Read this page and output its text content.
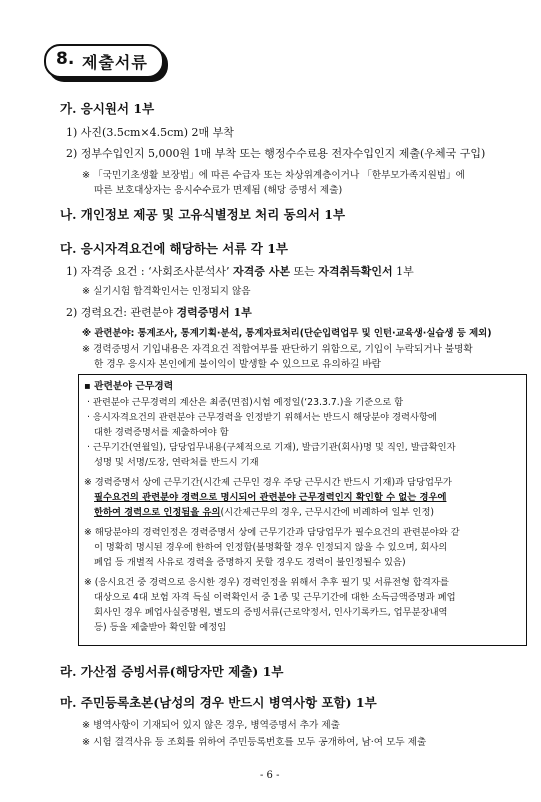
8. 제출서류
가. 응시원서 1부
1) 사진(3.5cm×4.5cm) 2매 부착
2) 정부수입인지 5,000원 1매 부착 또는 행정수수료용 전자수입인지 제출(우체국 구입)
※ 「국민기초생활 보장법」에 따른 수급자 또는 차상위계층이거나 「한부모가족지원법」에
따른 보호대상자는 응시수수료가 면제됨 (해당 증명서 제출)
나. 개인정보 제공 및 고유식별정보 처리 동의서 1부
다. 응시자격요건에 해당하는 서류 각 1부
1) 자격증 요건 : ‘사회조사분석사’ 자격증 사본 또는 자격취득확인서 1부
※ 실기시험 합격확인서는 인정되지 않음
2) 경력요건: 관련분야 경력증명서 1부
※ 관련분야: 통계조사, 통계기획·분석, 통계자료처리(단순입력업무 및 인턴·교육생·실습생 등 제외)
※ 경력증명서 기입내용은 자격요건 적합여부를 판단하기 위함으로, 기입이 누락되거나 불명확
한 경우 응시자 본인에게 불이익이 발생할 수 있으므로 유의하길 바람
▪ 관련분야 근무경력
· 관련분야 근무경력의 계산은 최종(면접)시험 예정일(‘23.3.7.)을 기준으로 함
· 응시자격요건의 관련분야 근무경력을 인정받기 위해서는 반드시 해당분야 경력사항에
대한 경력증명서를 제출하여야 함
· 근무기간(연월일), 담당업무내용(구체적으로 기재), 발급기관(회사)명 및 직인, 발급확인자
성명 및 서명/도장, 연락처를 반드시 기재
※ 경력증명서 상에 근무기간(시간제 근무인 경우 주당 근무시간 반드시 기재)과 담당업무가
필수요건의 관련분야 경력으로 명시되어 관련분야 근무경력인지 확인할 수 없는 경우에
한하여 경력으로 인정됨을 유의(시간제근무의 경우, 근무시간에 비례하여 일부 인정)
※ 해당분야의 경력인정은 경력증명서 상에 근무기간과 담당업무가 필수요건의 관련분야와 같
이 명확히 명시된 경우에 한하여 인정함(불명확할 경우 인정되지 않을 수 있으며, 회사의
폐업 등 개별적 사유로 경력을 증명하지 못할 경우도 경력이 불인정될수 있음)
※ (응시요건 중 경력으로 응시한 경우) 경력인정을 위해서 추후 필기 및 서류전형 합격자를
대상으로 4대 보험 자격 득실 이력확인서 중 1종 및 근무기간에 대한 소득금액증명과 폐업
회사인 경우 폐업사실증명원, 별도의 증빙서류(근로약정서, 인사기록카드, 업무분장내역
등) 등을 제출받아 확인할 예정임
라. 가산점 증빙서류(해당자만 제출) 1부
마. 주민등록초본(남성의 경우 반드시 병역사항 포함) 1부
※ 병역사항이 기재되어 있지 않은 경우, 병역증명서 추가 제출
※ 시험 결격사유 등 조회를 위하여 주민등록번호를 모두 공개하여, 남·여 모두 제출
- 6 -
